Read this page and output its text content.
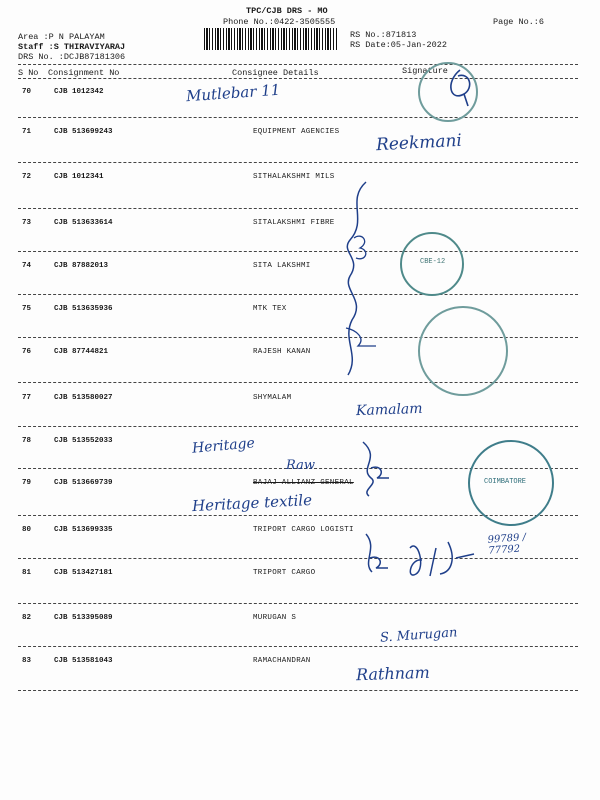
TPC/CJB DRS - MO
Phone No.:0422-3505555	Page No.:6
Area :P N PALAYAM
Staff :S THIRAVIYARAJ
DRS No. :DCJB87181306
RS No.:871813
RS Date:05-Jan-2022
S No Consignment No	Consignee Details	Signature
70	CJB 1012342
71	CJB 513699243	EQUIPMENT AGENCIES
72	CJB 1012341	SITHALAKSHMI MILS
73	CJB 513633614	SITALAKSHMI FIBRE
74	CJB 87882013	SITA LAKSHMI
75	CJB 513635936	MTK TEX
76	CJB 87744821	RAJESH KANAN
77	CJB 513580027	SHYMALAM
78	CJB 513552033
79	CJB 513669739	BAJAJ ALLIANZ GENERAL
80	CJB 513699335	TRIPORT CARGO LOGISTI
81	CJB 513427181	TRIPORT CARGO
82	CJB 513395089	MURUGAN S
83	CJB 513581043	RAMACHANDRAN
Mutlebar 11
Reekmani
Kamalam
Heritage
Raw
Heritage textile
99789 / 77792
S. Murugan
Rathnam
CBE-12
COIMBATORE
